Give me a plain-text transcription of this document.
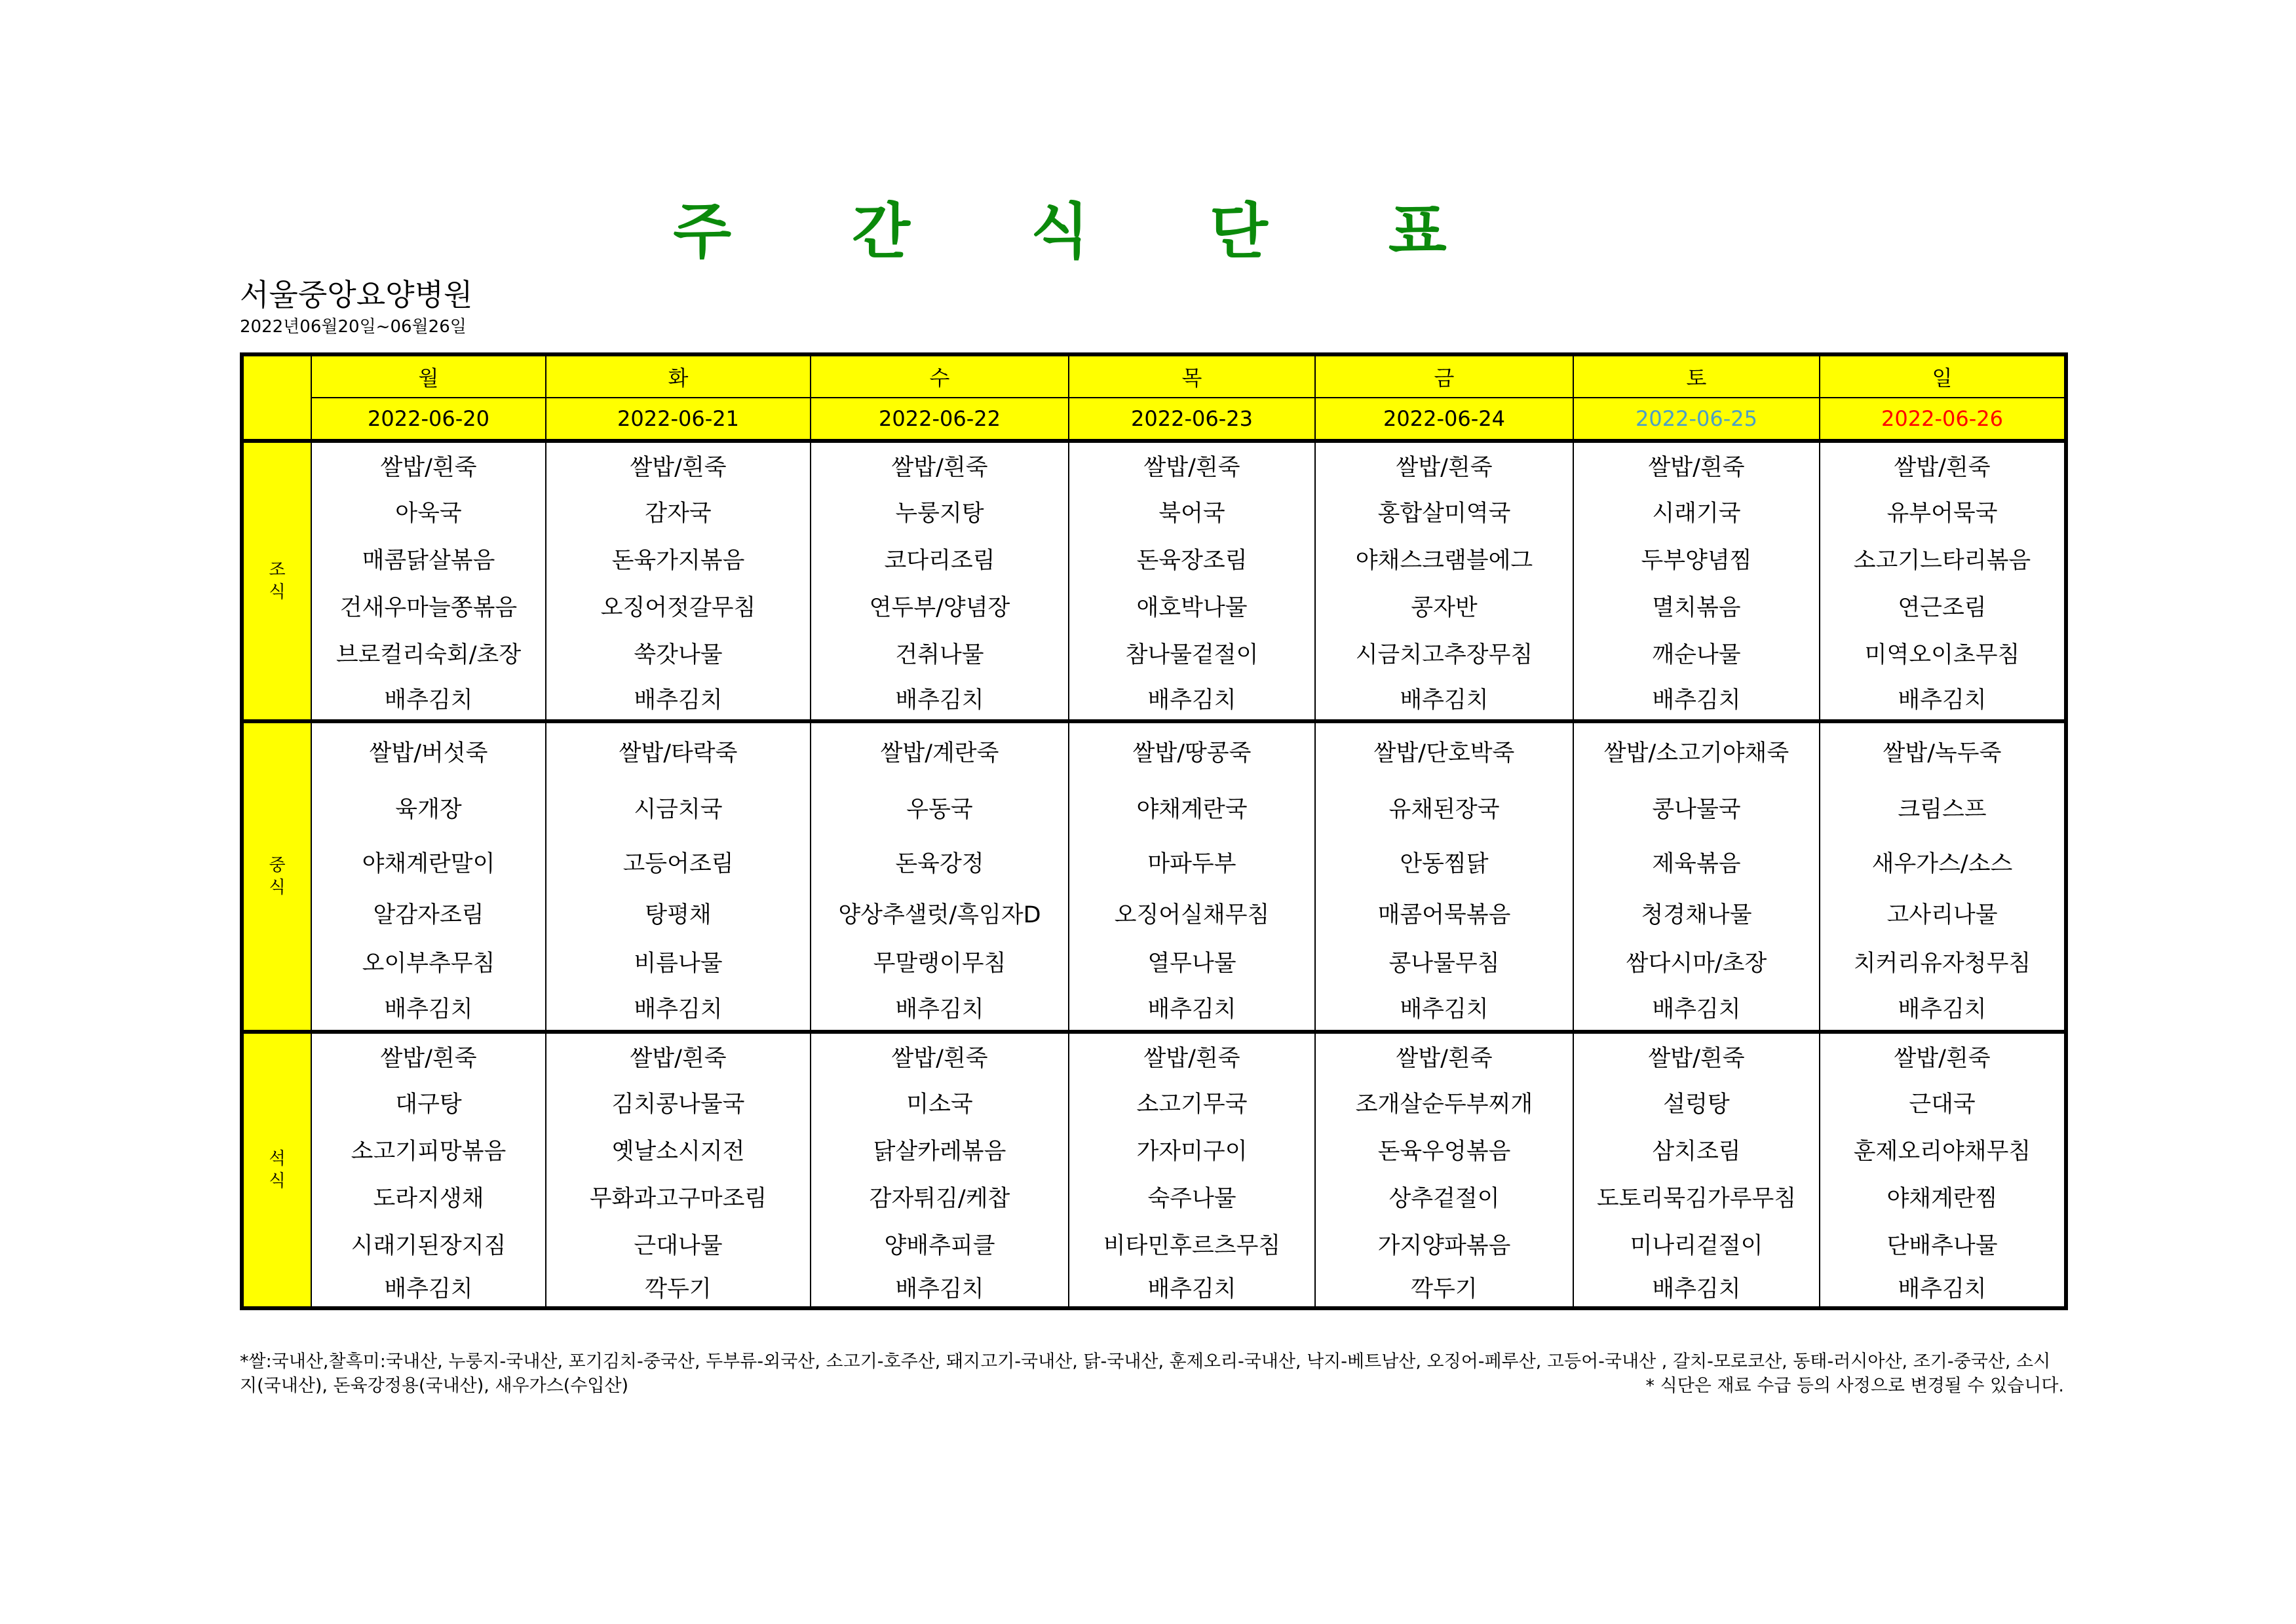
주 간 식 단 표
서울중앙요양병원
2022년06월20일~06월26일
	월	화	수	목	금	토	일
	2022-06-20	2022-06-21	2022-06-22	2022-06-23	2022-06-24	2022-06-25	2022-06-26

조
식	쌀밥/흰죽	쌀밥/흰죽	쌀밥/흰죽	쌀밥/흰죽	쌀밥/흰죽	쌀밥/흰죽	쌀밥/흰죽
	아욱국	감자국	누룽지탕	북어국	홍합살미역국	시래기국	유부어묵국
	매콤닭살볶음	돈육가지볶음	코다리조림	돈육장조림	야채스크램블에그	두부양념찜	소고기느타리볶음
	건새우마늘쫑볶음	오징어젓갈무침	연두부/양념장	애호박나물	콩자반	멸치볶음	연근조림
	브로컬리숙회/초장	쑥갓나물	건취나물	참나물겉절이	시금치고추장무침	깨순나물	미역오이초무침
	배추김치	배추김치	배추김치	배추김치	배추김치	배추김치	배추김치

중
식	쌀밥/버섯죽	쌀밥/타락죽	쌀밥/계란죽	쌀밥/땅콩죽	쌀밥/단호박죽	쌀밥/소고기야채죽	쌀밥/녹두죽
	육개장	시금치국	우동국	야채계란국	유채된장국	콩나물국	크림스프
	야채계란말이	고등어조림	돈육강정	마파두부	안동찜닭	제육볶음	새우가스/소스
	알감자조림	탕평채	양상추샐럿/흑임자D	오징어실채무침	매콤어묵볶음	청경채나물	고사리나물
	오이부추무침	비름나물	무말랭이무침	열무나물	콩나물무침	쌈다시마/초장	치커리유자청무침
	배추김치	배추김치	배추김치	배추김치	배추김치	배추김치	배추김치

석
식	쌀밥/흰죽	쌀밥/흰죽	쌀밥/흰죽	쌀밥/흰죽	쌀밥/흰죽	쌀밥/흰죽	쌀밥/흰죽
	대구탕	김치콩나물국	미소국	소고기무국	조개살순두부찌개	설렁탕	근대국
	소고기피망볶음	옛날소시지전	닭살카레볶음	가자미구이	돈육우엉볶음	삼치조림	훈제오리야채무침
	도라지생채	무화과고구마조림	감자튀김/케찹	숙주나물	상추겉절이	도토리묵김가루무침	야채계란찜
	시래기된장지짐	근대나물	양배추피클	비타민후르츠무침	가지양파볶음	미나리겉절이	단배추나물
	배추김치	깍두기	배추김치	배추김치	깍두기	배추김치	배추김치
*쌀:국내산,찰흑미:국내산, 누룽지-국내산, 포기김치-중국산, 두부류-외국산, 소고기-호주산, 돼지고기-국내산, 닭-국내산, 훈제오리-국내산, 낙지-베트남산, 오징어-페루산, 고등어-국내산 , 갈치-모로코산, 동태-러시아산, 조기-중국산, 소시지(국내산), 돈육강정용(국내산), 새우가스(수입산)	* 식단은 재료 수급 등의 사정으로 변경될 수 있습니다.
